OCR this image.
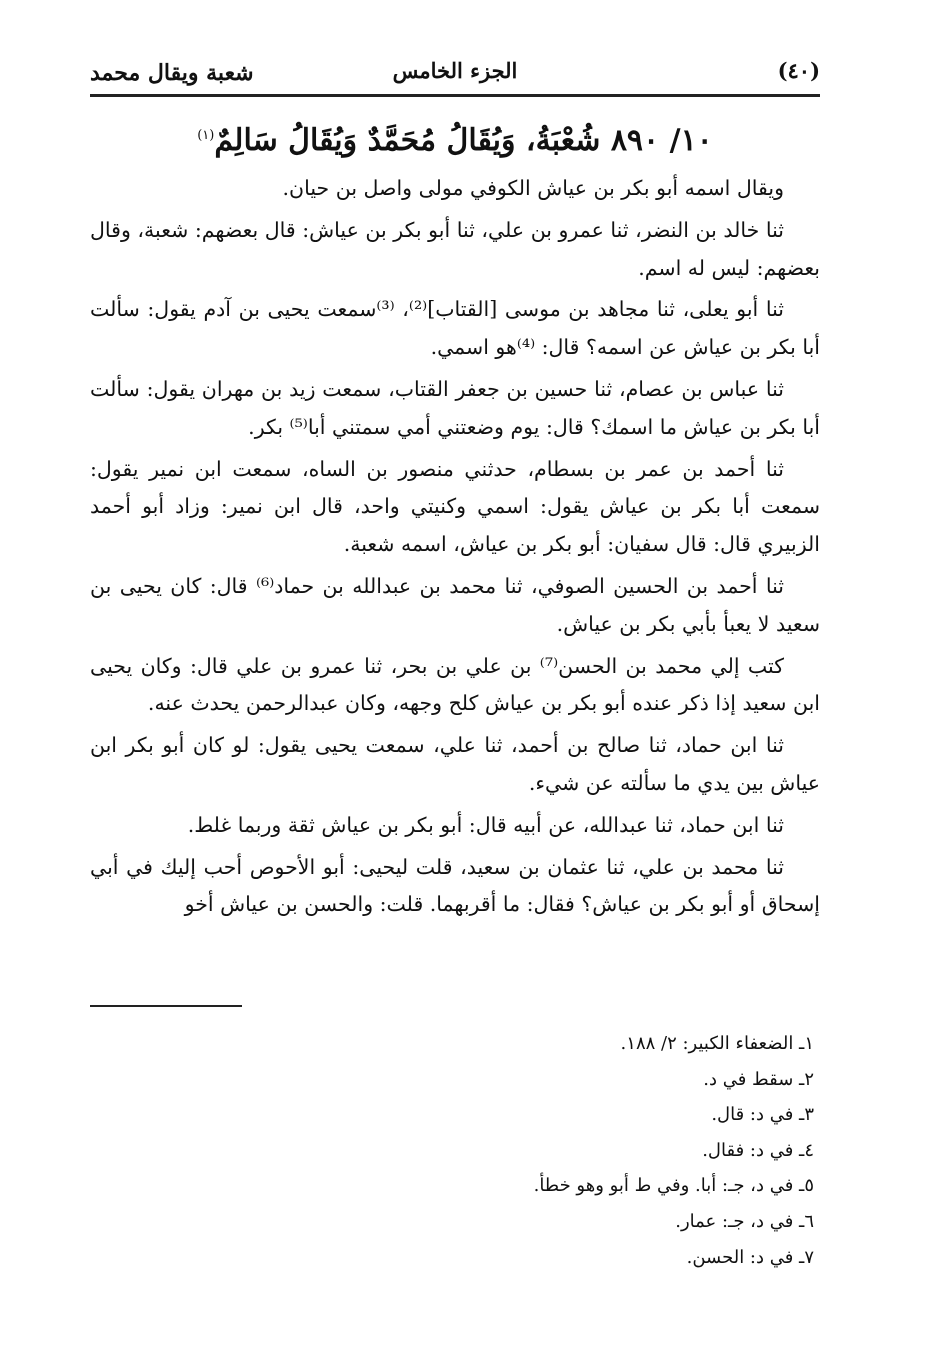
(٤٠)
الجزء الخامس
شعبة ويقال محمد
١٠/ ٨٩٠ شُعْبَةُ، وَيُقَالُ مُحَمَّدٌ وَيُقَالُ سَالِمٌ$^{(١)}$

ويقال اسمه أبو بكر بن عياش الكوفي مولى واصل بن حيان.

ثنا خالد بن النضر، ثنا عمرو بن علي، ثنا أبو بكر بن عياش: قال بعضهم: شعبة، وقال بعضهم: ليس له اسم.

ثنا أبو يعلى، ثنا مجاهد بن موسى [القتاب]⁽²⁾، ⁽³⁾سمعت يحيى بن آدم يقول: سألت أبا بكر بن عياش عن اسمه؟ قال: ⁽⁴⁾هو اسمي.

ثنا عباس بن عصام، ثنا حسين بن جعفر القتاب، سمعت زيد بن مهران يقول: سألت أبا بكر بن عياش ما اسمك؟ قال: يوم وضعتني أمي سمتني أبا⁽⁵⁾ بكر.

ثنا أحمد بن عمر بن بسطام، حدثني منصور بن الساه، سمعت ابن نمير يقول: سمعت أبا بكر بن عياش يقول: اسمي وكنيتي واحد، قال ابن نمير: وزاد أبو أحمد الزبيري قال: قال سفيان: أبو بكر بن عياش، اسمه شعبة.

ثنا أحمد بن الحسين الصوفي، ثنا محمد بن عبدالله بن حماد⁽⁶⁾ قال: كان يحيى بن سعيد لا يعبأ بأبي بكر بن عياش.

كتب إلي محمد بن الحسن⁽⁷⁾ بن علي بن بحر، ثنا عمرو بن علي قال: وكان يحيى ابن سعيد إذا ذكر عنده أبو بكر بن عياش كلح وجهه، وكان عبدالرحمن يحدث عنه.

ثنا ابن حماد، ثنا صالح بن أحمد، ثنا علي، سمعت يحيى يقول: لو كان أبو بكر ابن عياش بين يدي ما سألته عن شيء.

ثنا ابن حماد، ثنا عبدالله، عن أبيه قال: أبو بكر بن عياش ثقة وربما غلط.

ثنا محمد بن علي، ثنا عثمان بن سعيد، قلت ليحيى: أبو الأحوص أحب إليك في أبي إسحاق أو أبو بكر بن عياش؟ فقال: ما أقربهما. قلت: والحسن بن عياش أخو

١ـ الضعفاء الكبير: ٢/ ١٨٨.
٢ـ سقط في د.
٣ـ في د: قال.
٤ـ في د: فقال.
٥ـ في د، جـ: أبا. وفي ط أبو وهو خطأ.
٦ـ في د، جـ: عمار.
٧ـ في د: الحسن.
